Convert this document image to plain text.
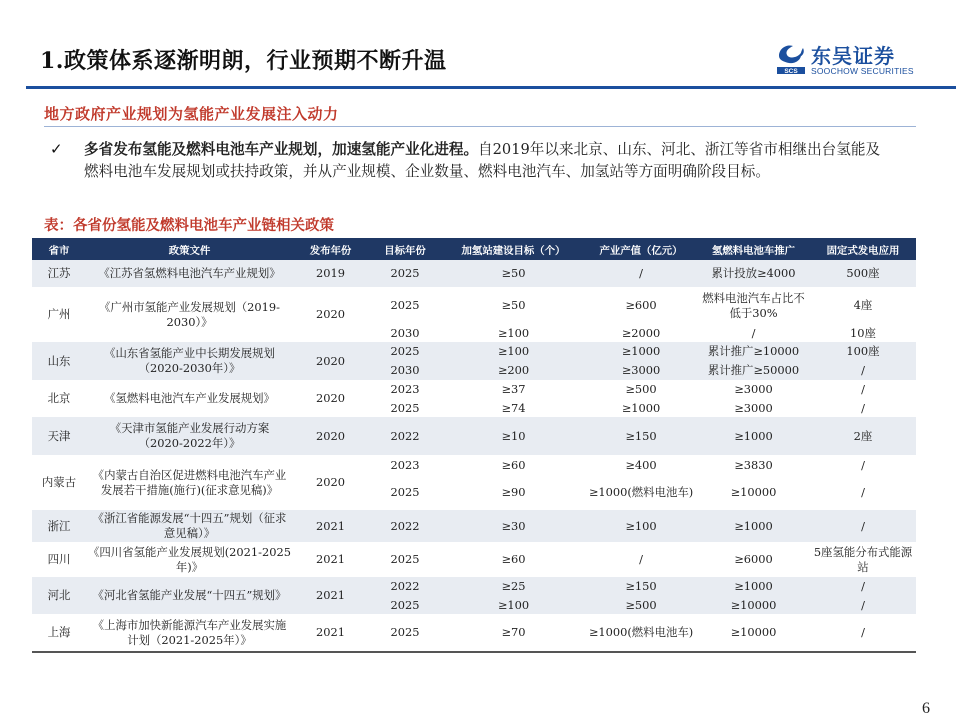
1.政策体系逐渐明朗，行业预期不断升温	SCS
东吴证券
SOOCHOW SECURITIES
地方政府产业规划为氢能产业发展注入动力
✓ 多省发布氢能及燃料电池车产业规划，加速氢能产业化进程。自2019年以来北京、山东、河北、浙江等省市相继出台氢能及燃料电池车发展规划或扶持政策，并从产业规模、企业数量、燃料电池汽车、加氢站等方面明确阶段目标。
表：各省份氢能及燃料电池车产业链相关政策
省市	政策文件	发布年份	目标年份	加氢站建设目标（个）	产业产值（亿元）	氢燃料电池车推广	固定式发电应用
江苏	《江苏省氢燃料电池汽车产业规划》	2019	2025	≥50	/	累计投放≥4000	500座
广州	《广州市氢能产业发展规划（2019-2030）》	2020	2025	≥50	≥600	燃料电池汽车占比不低于30%	4座
			2030	≥100	≥2000	/	10座
山东	《山东省氢能产业中长期发展规划（2020-2030年）》	2020	2025	≥100	≥1000	累计推广≥10000	100座
			2030	≥200	≥3000	累计推广≥50000	/
北京	《氢燃料电池汽车产业发展规划》	2020	2023	≥37	≥500	≥3000	/
			2025	≥74	≥1000	≥3000	/
天津	《天津市氢能产业发展行动方案（2020-2022年）》	2020	2022	≥10	≥150	≥1000	2座
内蒙古	《内蒙古自治区促进燃料电池汽车产业发展若干措施(施行)(征求意见稿)》	2020	2023	≥60	≥400	≥3830	/
			2025	≥90	≥1000(燃料电池车)	≥10000	/
浙江	《浙江省能源发展“十四五”规划（征求意见稿）》	2021	2022	≥30	≥100	≥1000	/
四川	《四川省氢能产业发展规划(2021-2025年)》	2021	2025	≥60	/	≥6000	5座氢能分布式能源站
河北	《河北省氢能产业发展“十四五”规划》	2021	2022	≥25	≥150	≥1000	/
			2025	≥100	≥500	≥10000	/
上海	《上海市加快新能源汽车产业发展实施计划（2021-2025年）》	2021	2025	≥70	≥1000(燃料电池车)	≥10000	/
6
